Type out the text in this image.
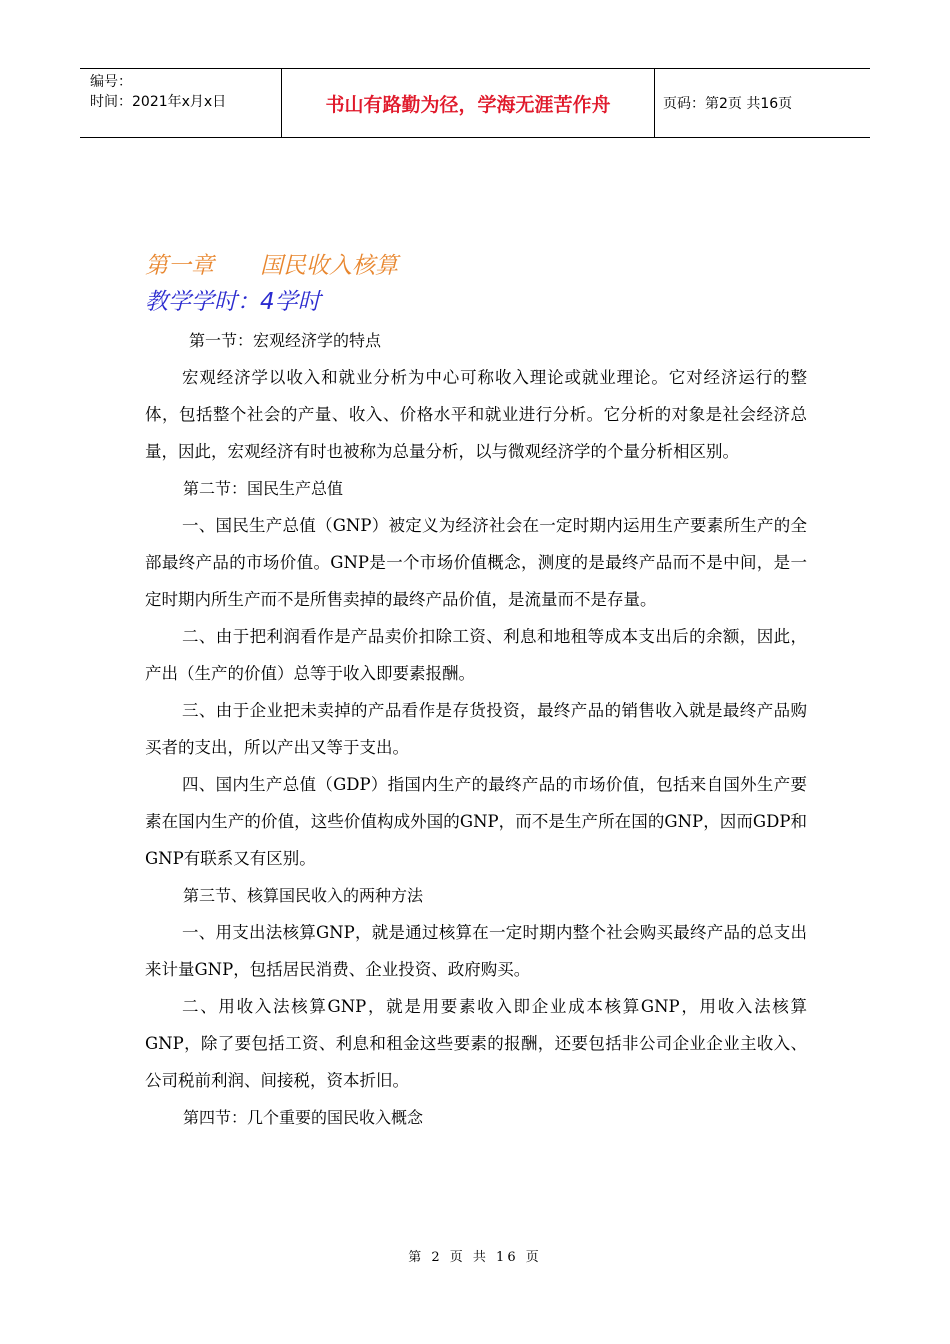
编号：
时间：2021年x月x日	书山有路勤为径，学海无涯苦作舟	页码：第2页 共16页
第一章　　国民收入核算
教学学时：4学时
第一节：宏观经济学的特点

宏观经济学以收入和就业分析为中心可称收入理论或就业理论。它对经济运行的整体，包括整个社会的产量、收入、价格水平和就业进行分析。它分析的对象是社会经济总量，因此，宏观经济有时也被称为总量分析，以与微观经济学的个量分析相区别。

第二节：国民生产总值

一、国民生产总值（GNP）被定义为经济社会在一定时期内运用生产要素所生产的全部最终产品的市场价值。GNP是一个市场价值概念，测度的是最终产品而不是中间，是一定时期内所生产而不是所售卖掉的最终产品价值，是流量而不是存量。

二、由于把利润看作是产品卖价扣除工资、利息和地租等成本支出后的余额，因此，产出（生产的价值）总等于收入即要素报酬。

三、由于企业把未卖掉的产品看作是存货投资，最终产品的销售收入就是最终产品购买者的支出，所以产出又等于支出。

四、国内生产总值（GDP）指国内生产的最终产品的市场价值，包括来自国外生产要素在国内生产的价值，这些价值构成外国的GNP，而不是生产所在国的GNP，因而GDP和 GNP有联系又有区别。

第三节、核算国民收入的两种方法

一、用支出法核算GNP，就是通过核算在一定时期内整个社会购买最终产品的总支出来计量GNP，包括居民消费、企业投资、政府购买。

二、用收入法核算GNP，就是用要素收入即企业成本核算GNP，用收入法核算GNP，除了要包括工资、利息和租金这些要素的报酬，还要包括非公司企业企业主收入、公司税前利润、间接税，资本折旧。

第四节：几个重要的国民收入概念
第 2 页 共 16 页
